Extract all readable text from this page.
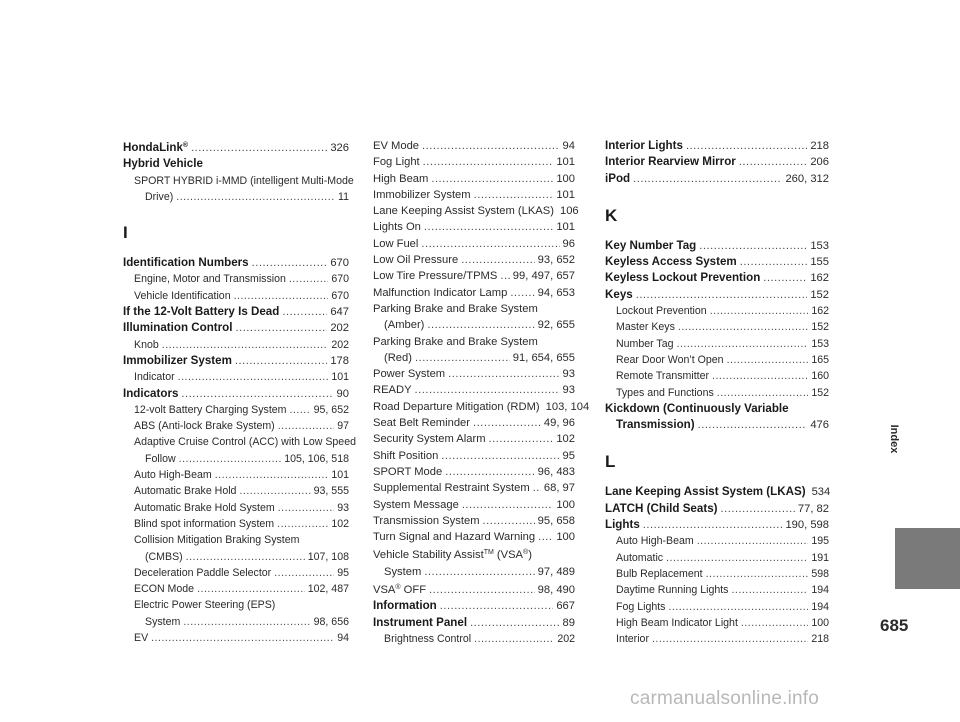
HondaLink® .....	326
Hybrid Vehicle
SPORT HYBRID i-MMD (intelligent Multi-Mode
Drive) .....	11
I
Identification Numbers .....	670
Engine, Motor and Transmission .....	670
Vehicle Identification .....	670
If the 12-Volt Battery Is Dead .....	647
Illumination Control .....	202
Knob .....	202
Immobilizer System .....	178
Indicator .....	101
Indicators .....	90
12-volt Battery Charging System .....	95, 652
ABS (Anti-lock Brake System) .....	97
Adaptive Cruise Control (ACC) with Low Speed
Follow .....	105, 106, 518
Auto High-Beam .....	101
Automatic Brake Hold .....	93, 555
Automatic Brake Hold System .....	93
Blind spot information System .....	102
Collision Mitigation Braking System
(CMBS) .....	107, 108
Deceleration Paddle Selector .....	95
ECON Mode .....	102, 487
Electric Power Steering (EPS)
System .....	98, 656
EV .....	94
EV Mode .....	94
Fog Light .....	101
High Beam .....	100
Immobilizer System .....	101
Lane Keeping Assist System (LKAS) 106
Lights On .....	101
Low Fuel .....	96
Low Oil Pressure .....	93, 652
Low Tire Pressure/TPMS ..... 99, 497, 657
Malfunction Indicator Lamp .....	94, 653
Parking Brake and Brake System
(Amber) .....	92, 655
Parking Brake and Brake System
(Red) .....	91, 654, 655
Power System .....	93
READY .....	93
Road Departure Mitigation (RDM) 103, 104
Seat Belt Reminder .....	49, 96
Security System Alarm .....	102
Shift Position .....	95
SPORT Mode .....	96, 483
Supplemental Restraint System ..... 68, 97
System Message .....	100
Transmission System .....	95, 658
Turn Signal and Hazard Warning ..... 100
Vehicle Stability Assist™ (VSA®)
System .....	97, 489
VSA® OFF .....	98, 490
Information .....	667
Instrument Panel .....	89
Brightness Control .....	202
Interior Lights .....	218
Interior Rearview Mirror .....	206
iPod .....	260, 312
K
Key Number Tag .....	153
Keyless Access System .....	155
Keyless Lockout Prevention .....	162
Keys .....	152
Lockout Prevention .....	162
Master Keys .....	152
Number Tag .....	153
Rear Door Won’t Open .....	165
Remote Transmitter .....	160
Types and Functions .....	152
Kickdown (Continuously Variable
Transmission) .....	476
L
Lane Keeping Assist System (LKAS) 534
LATCH (Child Seats) .....	77, 82
Lights .....	190, 598
Auto High-Beam .....	195
Automatic .....	191
Bulb Replacement .....	598
Daytime Running Lights .....	194
Fog Lights .....	194
High Beam Indicator Light .....	100
Interior .....	218
Index
685
carmanualsonline.info
